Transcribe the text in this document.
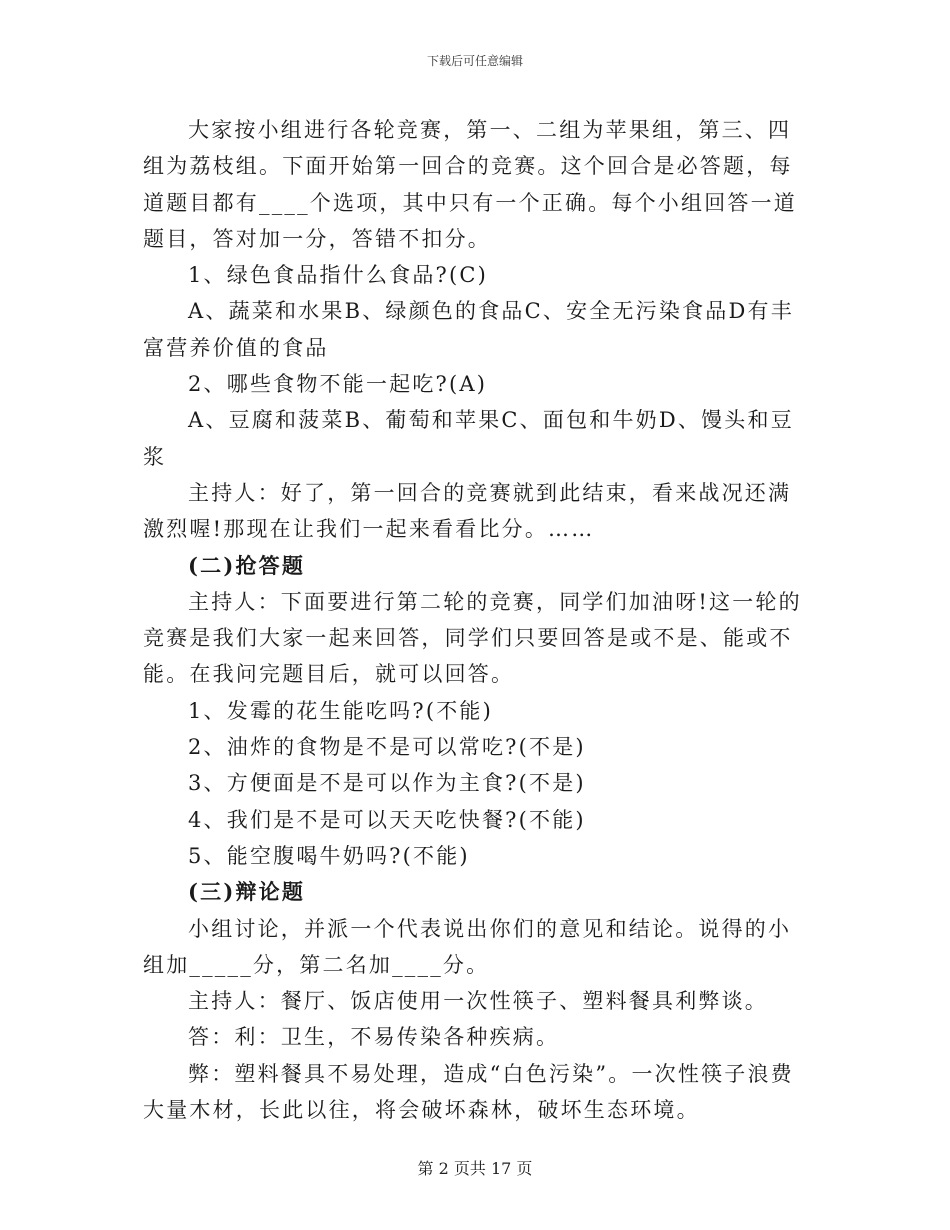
下载后可任意编辑

大家按小组进行各轮竞赛，第一、二组为苹果组，第三、四组为荔枝组。下面开始第一回合的竞赛。这个回合是必答题，每道题目都有____个选项，其中只有一个正确。每个小组回答一道题目，答对加一分，答错不扣分。

1、绿色食品指什么食品?(C)

A、蔬菜和水果B、绿颜色的食品C、安全无污染食品D有丰富营养价值的食品

2、哪些食物不能一起吃?(A)

A、豆腐和菠菜B、葡萄和苹果C、面包和牛奶D、馒头和豆浆

主持人：好了，第一回合的竞赛就到此结束，看来战况还满激烈喔!那现在让我们一起来看看比分。……

(二)抢答题

主持人：下面要进行第二轮的竞赛，同学们加油呀!这一轮的竞赛是我们大家一起来回答，同学们只要回答是或不是、能或不能。在我问完题目后，就可以回答。

1、发霉的花生能吃吗?(不能)

2、油炸的食物是不是可以常吃?(不是)

3、方便面是不是可以作为主食?(不是)

4、我们是不是可以天天吃快餐?(不能)

5、能空腹喝牛奶吗?(不能)

(三)辩论题

小组讨论，并派一个代表说出你们的意见和结论。说得的小组加_____分，第二名加____分。

主持人：餐厅、饭店使用一次性筷子、塑料餐具利弊谈。

答：利：卫生，不易传染各种疾病。

弊：塑料餐具不易处理，造成“白色污染”。一次性筷子浪费大量木材，长此以往，将会破坏森林，破坏生态环境。

第 2 页共 17 页
